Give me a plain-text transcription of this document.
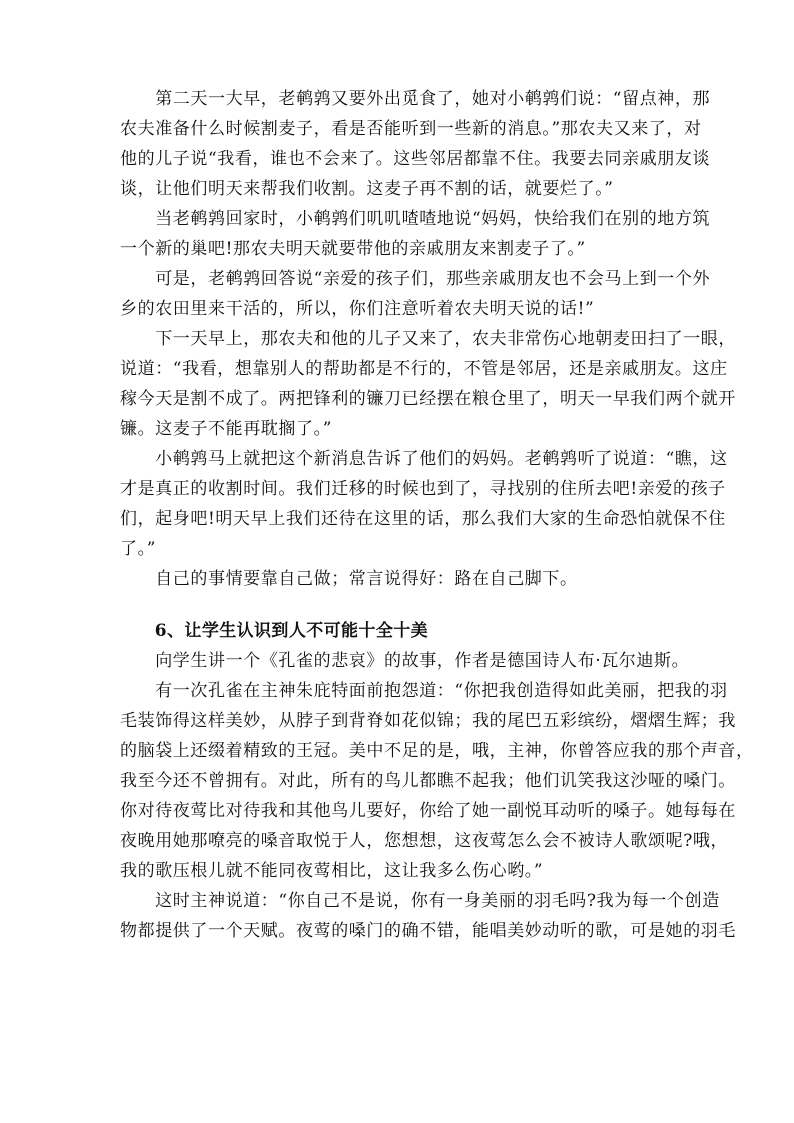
　　第二天一大早，老鹌鹑又要外出觅食了，她对小鹌鹑们说：“留点神，那
农夫准备什么时候割麦子，看是否能听到一些新的消息。”那农夫又来了，对
他的儿子说“我看，谁也不会来了。这些邻居都靠不住。我要去同亲戚朋友谈
谈，让他们明天来帮我们收割。这麦子再不割的话，就要烂了。”
　　当老鹌鹑回家时，小鹌鹑们叽叽喳喳地说“妈妈，快给我们在别的地方筑
一个新的巢吧!那农夫明天就要带他的亲戚朋友来割麦子了。”
　　可是，老鹌鹑回答说“亲爱的孩子们，那些亲戚朋友也不会马上到一个外
乡的农田里来干活的，所以，你们注意听着农夫明天说的话!”
　　下一天早上，那农夫和他的儿子又来了，农夫非常伤心地朝麦田扫了一眼，
说道：“我看，想靠别人的帮助都是不行的，不管是邻居，还是亲戚朋友。这庄
稼今天是割不成了。两把锋利的镰刀已经摆在粮仓里了，明天一早我们两个就开
镰。这麦子不能再耽搁了。”
　　小鹌鹑马上就把这个新消息告诉了他们的妈妈。老鹌鹑听了说道：“瞧，这
才是真正的收割时间。我们迁移的时候也到了，寻找别的住所去吧!亲爱的孩子
们，起身吧!明天早上我们还待在这里的话，那么我们大家的生命恐怕就保不住
了。”
　　自己的事情要靠自己做；常言说得好：路在自己脚下。
　　6、让学生认识到人不可能十全十美
　　向学生讲一个《孔雀的悲哀》的故事，作者是德国诗人布·瓦尔迪斯。
　　有一次孔雀在主神朱庇特面前抱怨道：“你把我创造得如此美丽，把我的羽
毛装饰得这样美妙，从脖子到背脊如花似锦；我的尾巴五彩缤纷，熠熠生辉；我
的脑袋上还缀着精致的王冠。美中不足的是，哦，主神，你曾答应我的那个声音，
我至今还不曾拥有。对此，所有的鸟儿都瞧不起我；他们讥笑我这沙哑的嗓门。
你对待夜莺比对待我和其他鸟儿要好，你给了她一副悦耳动听的嗓子。她每每在
夜晚用她那嘹亮的嗓音取悦于人，您想想，这夜莺怎么会不被诗人歌颂呢?哦，
我的歌压根儿就不能同夜莺相比，这让我多么伤心哟。”
　　这时主神说道：“你自己不是说，你有一身美丽的羽毛吗?我为每一个创造
物都提供了一个天赋。夜莺的嗓门的确不错，能唱美妙动听的歌，可是她的羽毛
